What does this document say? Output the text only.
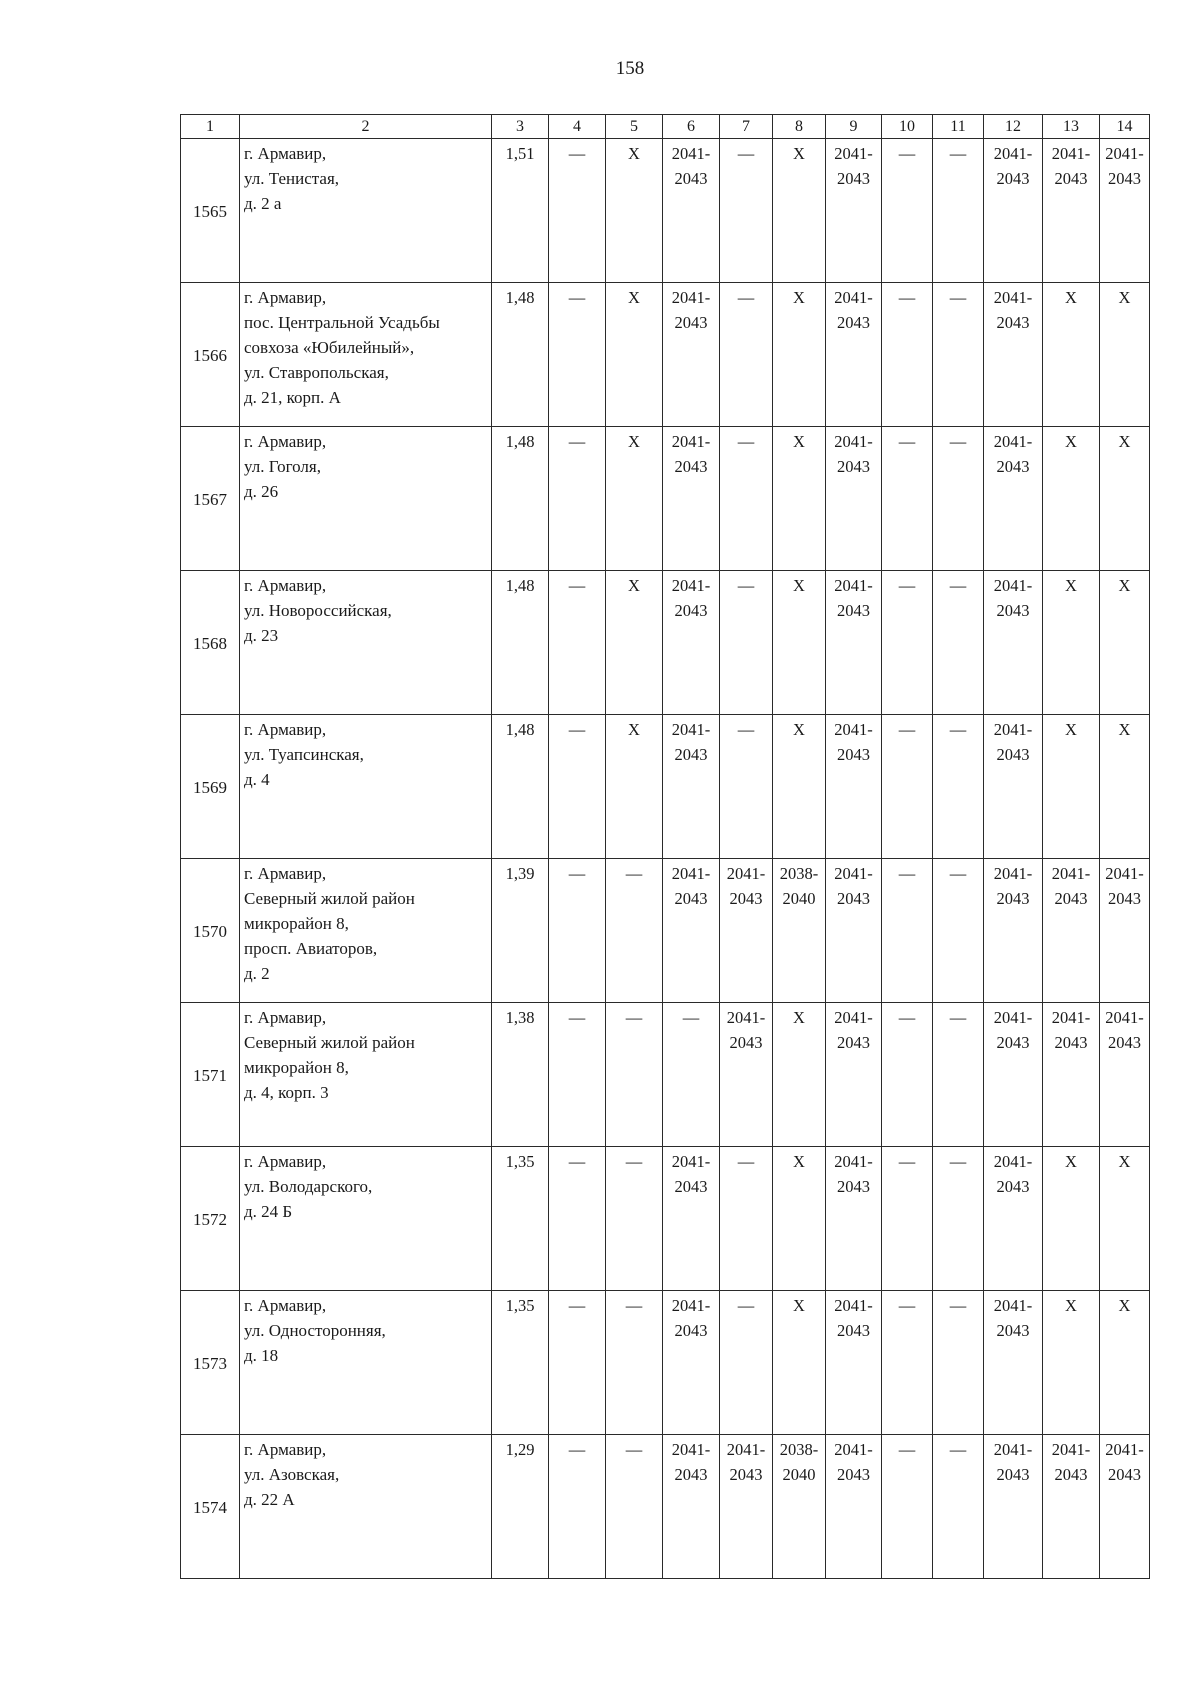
158
1	2	3	4	5	6	7	8	9	10	11	12	13	14
1565	г. Армавир,
ул. Тенистая,
д. 2 а	1,51	—	Х	2041-
2043	—	Х	2041-
2043	—	—	2041-
2043	2041-
2043	2041-
2043
1566	г. Армавир,
пос. Центральной Усадьбы
совхоза «Юбилейный»,
ул. Ставропольская,
д. 21, корп. А	1,48	—	Х	2041-
2043	—	Х	2041-
2043	—	—	2041-
2043	Х	Х
1567	г. Армавир,
ул. Гоголя,
д. 26	1,48	—	Х	2041-
2043	—	Х	2041-
2043	—	—	2041-
2043	Х	Х
1568	г. Армавир,
ул. Новороссийская,
д. 23	1,48	—	Х	2041-
2043	—	Х	2041-
2043	—	—	2041-
2043	Х	Х
1569	г. Армавир,
ул. Туапсинская,
д. 4	1,48	—	Х	2041-
2043	—	Х	2041-
2043	—	—	2041-
2043	Х	Х
1570	г. Армавир,
Северный жилой район
микрорайон 8,
просп. Авиаторов,
д. 2	1,39	—	—	2041-
2043	2041-
2043	2038-
2040	2041-
2043	—	—	2041-
2043	2041-
2043	2041-
2043
1571	г. Армавир,
Северный жилой район
микрорайон 8,
д. 4, корп. 3	1,38	—	—	—	2041-
2043	Х	2041-
2043	—	—	2041-
2043	2041-
2043	2041-
2043
1572	г. Армавир,
ул. Володарского,
д. 24 Б	1,35	—	—	2041-
2043	—	Х	2041-
2043	—	—	2041-
2043	Х	Х
1573	г. Армавир,
ул. Односторонняя,
д. 18	1,35	—	—	2041-
2043	—	Х	2041-
2043	—	—	2041-
2043	Х	Х
1574	г. Армавир,
ул. Азовская,
д. 22 А	1,29	—	—	2041-
2043	2041-
2043	2038-
2040	2041-
2043	—	—	2041-
2043	2041-
2043	2041-
2043
